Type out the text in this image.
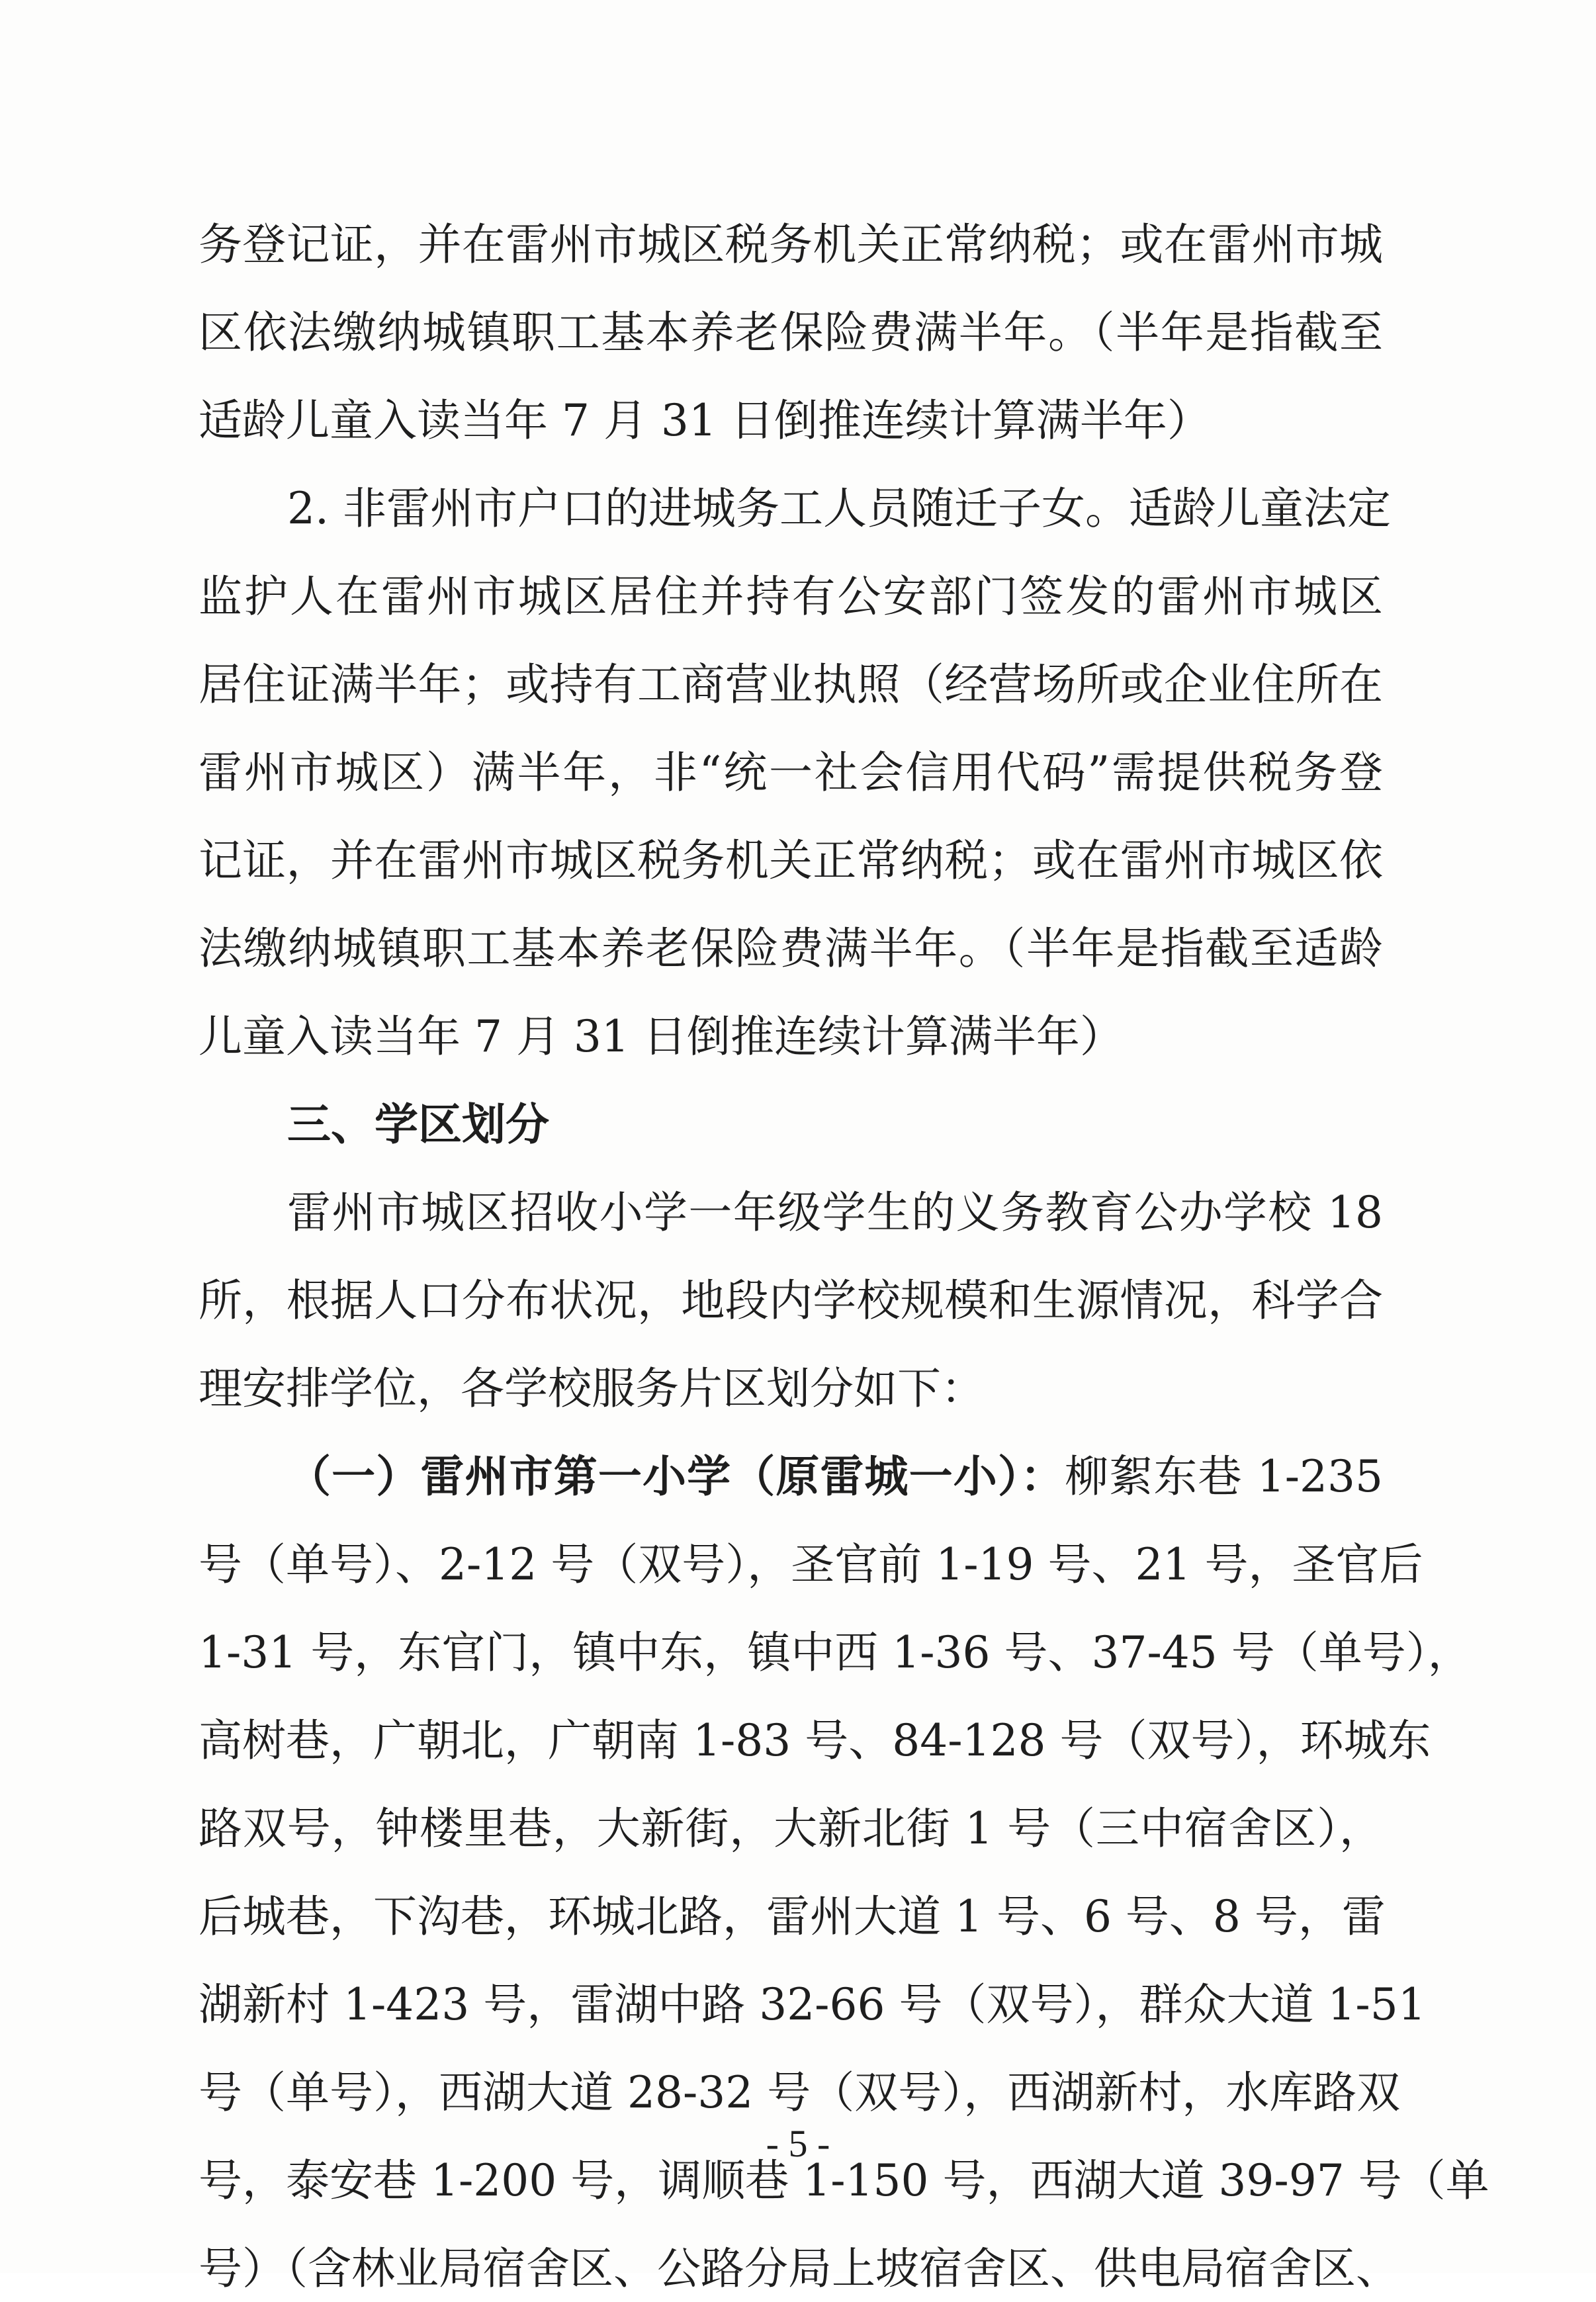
务登记证，并在雷州市城区税务机关正常纳税；或在雷州市城
区依法缴纳城镇职工基本养老保险费满半年。（半年是指截至
适龄儿童入读当年 7 月 31 日倒推连续计算满半年）
2. 非雷州市户口的进城务工人员随迁子女。适龄儿童法定
监护人在雷州市城区居住并持有公安部门签发的雷州市城区
居住证满半年；或持有工商营业执照（经营场所或企业住所在
雷州市城区）满半年，非“统一社会信用代码”需提供税务登
记证，并在雷州市城区税务机关正常纳税；或在雷州市城区依
法缴纳城镇职工基本养老保险费满半年。（半年是指截至适龄
儿童入读当年 7 月 31 日倒推连续计算满半年）
三、学区划分
雷州市城区招收小学一年级学生的义务教育公办学校 18
所，根据人口分布状况，地段内学校规模和生源情况，科学合
理安排学位，各学校服务片区划分如下：
（一）雷州市第一小学（原雷城一小）：柳絮东巷 1-235
号（单号）、2-12 号（双号），圣官前 1-19 号、21 号，圣官后
1-31 号，东官门，镇中东，镇中西 1-36 号、37-45 号（单号），
高树巷，广朝北，广朝南 1-83 号、84-128 号（双号），环城东
路双号，钟楼里巷，大新街，大新北街 1 号（三中宿舍区），
后城巷，下沟巷，环城北路，雷州大道 1 号、6 号、8 号，雷
湖新村 1-423 号，雷湖中路 32-66 号（双号），群众大道 1-51
号（单号），西湖大道 28-32 号（双号），西湖新村，水库路双
号，泰安巷 1-200 号，调顺巷 1-150 号，西湖大道 39-97 号（单
号）（含林业局宿舍区、公路分局上坡宿舍区、供电局宿舍区、
- 5 -
